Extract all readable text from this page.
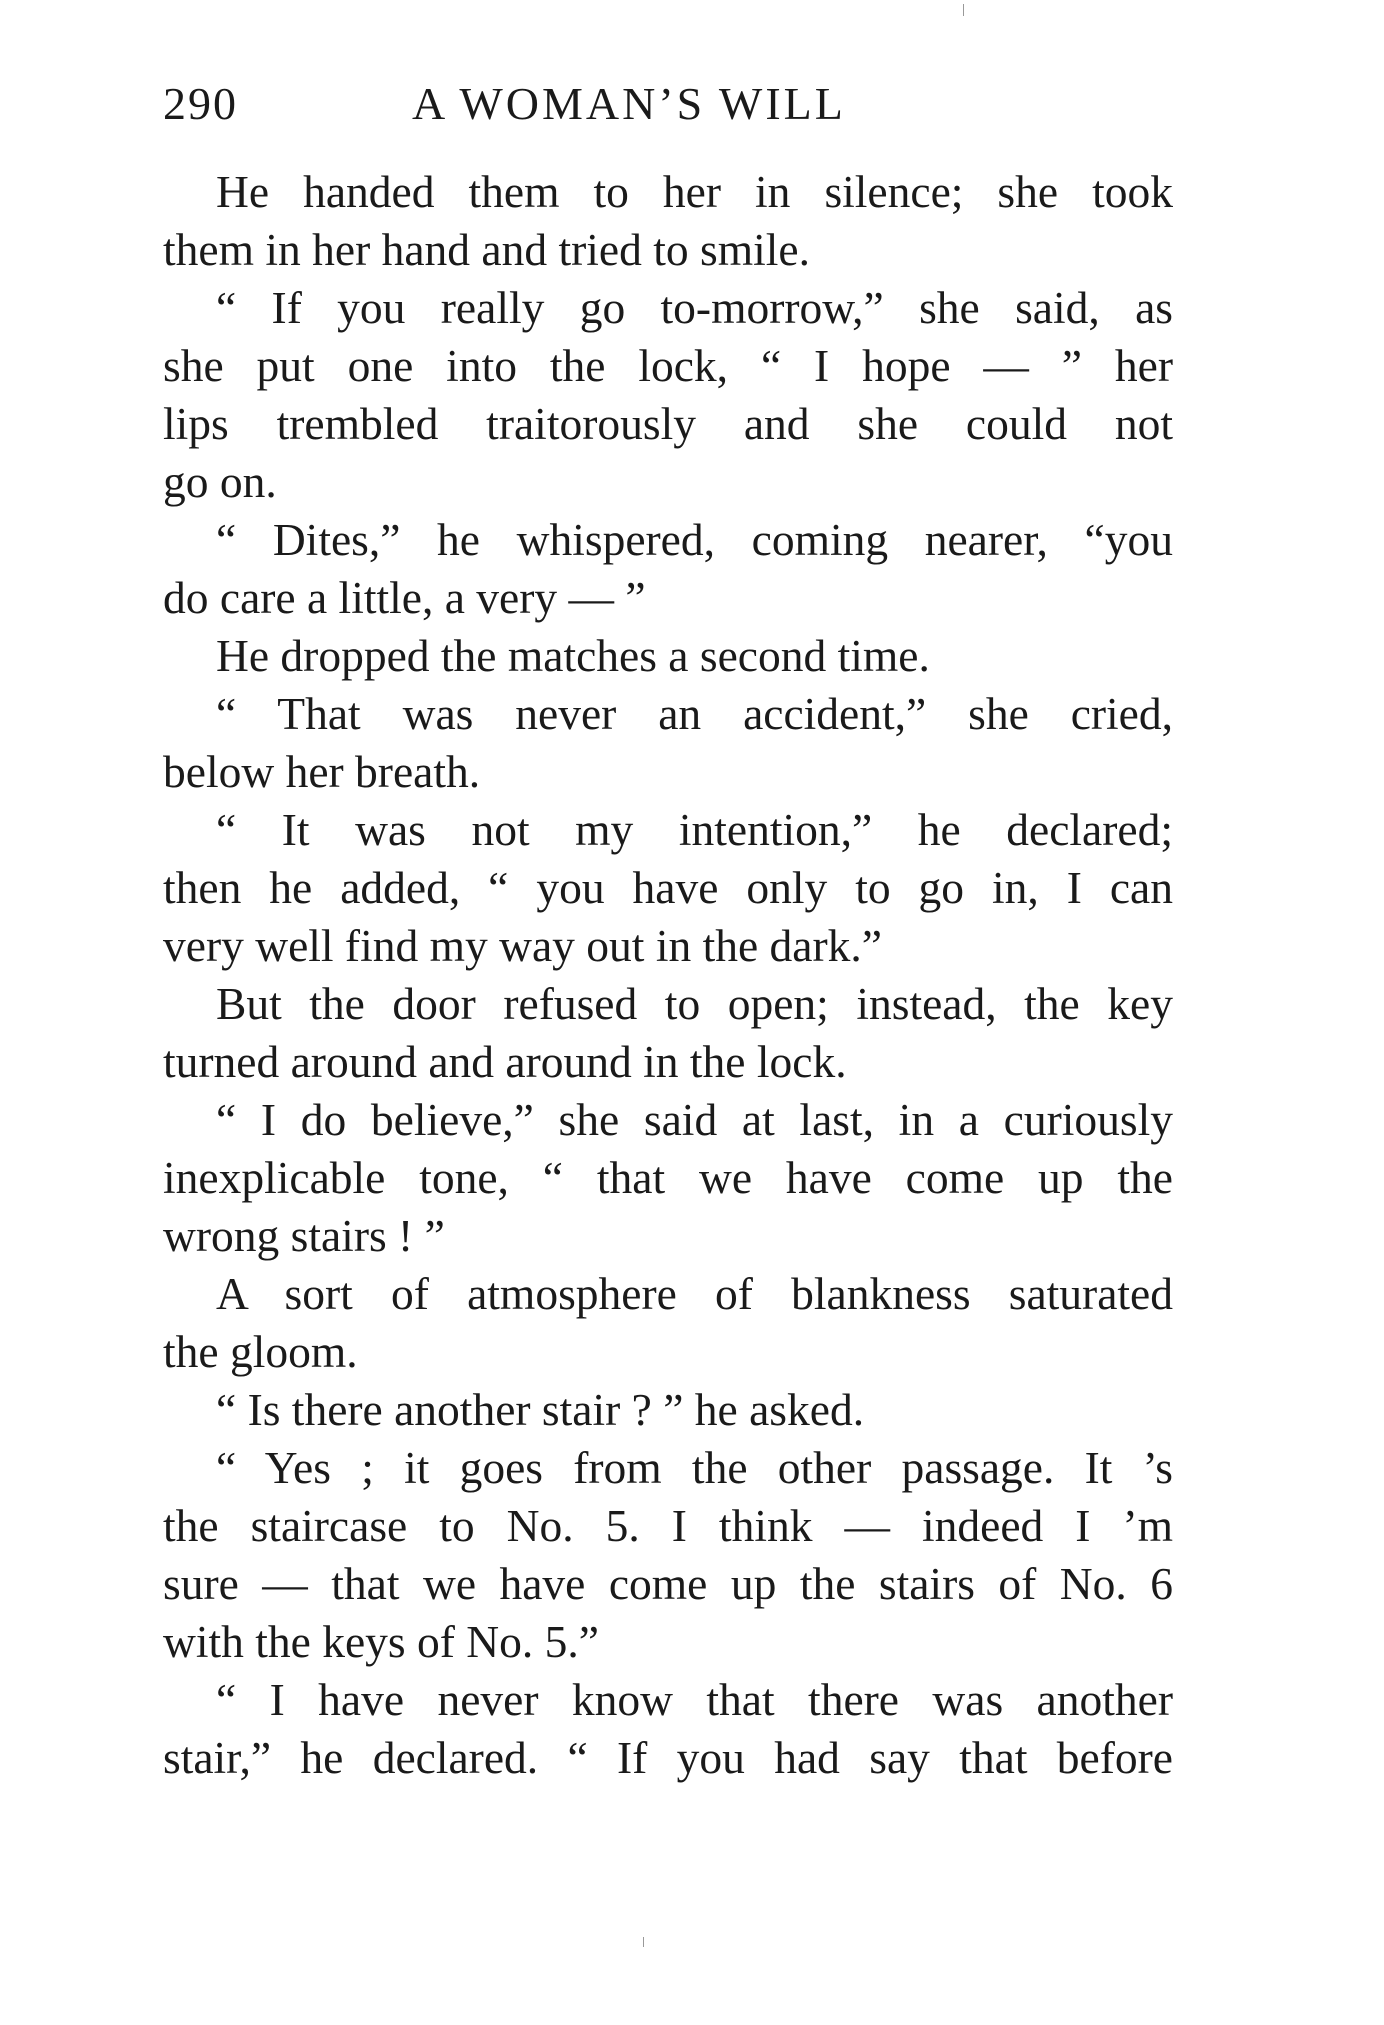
290	A WOMAN’S WILL
He handed them to her in silence; she took
them in her hand and tried to smile.
“ If you really go to-morrow,” she said, as
she put one into the lock, “ I hope — ” her
lips trembled traitorously and she could not
go on.
“ Dites,” he whispered, coming nearer, “you
do care a little, a very — ”
He dropped the matches a second time.
“ That was never an accident,” she cried,
below her breath.
“ It was not my intention,” he declared;
then he added, “ you have only to go in, I can
very well find my way out in the dark.”
But the door refused to open; instead, the key
turned around and around in the lock.
“ I do believe,” she said at last, in a curiously
inexplicable tone, “ that we have come up the
wrong stairs ! ”
A sort of atmosphere of blankness saturated
the gloom.
“ Is there another stair ? ” he asked.
“ Yes ; it goes from the other passage. It ’s
the staircase to No. 5. I think — indeed I ’m
sure — that we have come up the stairs of No. 6
with the keys of No. 5.”
“ I have never know that there was another
stair,” he declared. “ If you had say that before
